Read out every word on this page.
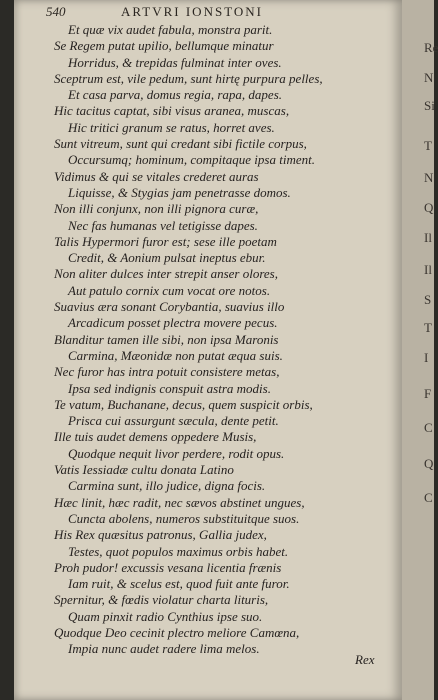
540	ARTVRI IONSTONI
Et quæ vix audet fabula, monstra parit.
Se Regem putat upilio, bellumque minatur
Horridus, & trepidas fulminat inter oves.
Sceptrum est, vile pedum, sunt hirtę purpura pelles,
Et casa parva, domus regia, rapa, dapes.
Hic tacitus captat, sibi visus aranea, muscas,
Hic tritici granum se ratus, horret aves.
Sunt vitreum, sunt qui credant sibi fictile corpus,
Occursumq; hominum, compitaque ipsa timent.
Vidimus & qui se vitales crederet auras
Liquisse, & Stygias jam penetrasse domos.
Non illi conjunx, non illi pignora curæ,
Nec fas humanas vel tetigisse dapes.
Talis Hypermori furor est; sese ille poetam
Credit, & Aonium pulsat ineptus ebur.
Non aliter dulces inter strepit anser olores,
Aut patulo cornix cum vocat ore notos.
Suavius æra sonant Corybantia, suavius illo
Arcadicum posset plectra movere pecus.
Blanditur tamen ille sibi, non ipsa Maronis
Carmina, Mæonidæ non putat æqua suis.
Nec furor has intra potuit consistere metas,
Ipsa sed indignis conspuit astra modis.
Te vatum, Buchanane, decus, quem suspicit orbis,
Prisca cui assurgunt sæcula, dente petit.
Ille tuis audet demens oppedere Musis,
Quodque nequit livor perdere, rodit opus.
Vatis Iessiadæ cultu donata Latino
Carmina sunt, illo judice, digna focis.
Hæc linit, hæc radit, nec sævos abstinet ungues,
Cuncta abolens, numeros substituitque suos.
His Rex quæsitus patronus, Gallia judex,
Testes, quot populos maximus orbis habet.
Proh pudor! excussis vesana licentia frænis
Iam ruit, & scelus est, quod fuit ante furor.
Spernitur, & fœdis violatur charta lituris,
Quam pinxit radio Cynthius ipse suo.
Quodque Deo cecinit plectro meliore Camœna,
Impia nunc audet radere lima melos.
Rex
Re
N
Si
T
N
Q
Il
Il
S
T
I
F
C
Q
C
